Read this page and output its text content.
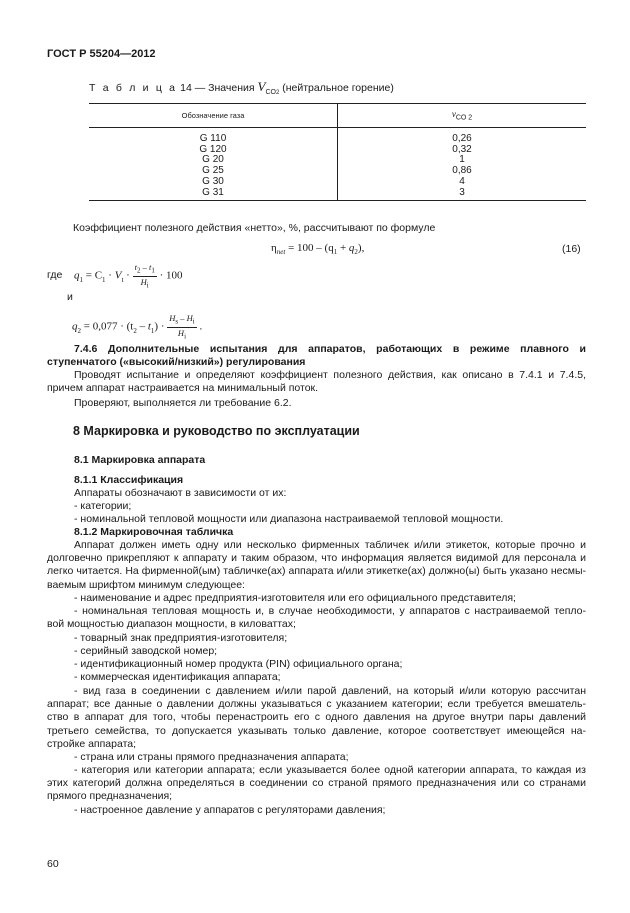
ГОСТ Р 55204—2012
Т а б л и ц а 14 — Значения $V_{CO2}$ (нейтральное горение)
Обозначение газа	$v_{CO 2}$
G 110	0,26
G 120	0,32
G 20	1
G 25	0,86
G 30	4
G 31	3
Коэффициент полезного действия «нетто», %, рассчитывают по формуле
$\eta_{net} = 100 - (q_1 + q_2)$,	(16)
где $q_1 = C_1 \cdot V_t \cdot \frac{t_2 - t_1}{H_i} \cdot 100$
и
$q_2 = 0,077 \cdot (t_2 - t_1) \cdot \frac{H_s - H_i}{H_i}$ .
7.4.6 Дополнительные испытания для аппаратов, работающих в режиме плавного и ступенчатого («высокий/низкий») регулирования
Проводят испытание и определяют коэффициент полезного действия, как описано в 7.4.1 и 7.4.5, причем аппарат настраивается на минимальный поток.
Проверяют, выполняется ли требование 6.2.
8 Маркировка и руководство по эксплуатации
8.1 Маркировка аппарата
8.1.1 Классификация
Аппараты обозначают в зависимости от их:
- категории;
- номинальной тепловой мощности или диапазона настраиваемой тепловой мощности.
8.1.2 Маркировочная табличка
Аппарат должен иметь одну или несколько фирменных табличек и/или этикеток, которые прочно и долговечно прикрепляют к аппарату и таким образом, что информация является видимой для персонала и легко читается. На фирменной(ым) табличке(ах) аппарата и/или этикетке(ах) должно(ы) быть указано несмы- ваемым шрифтом минимум следующее:
- наименование и адрес предприятия-изготовителя или его официального представителя;
- номинальная тепловая мощность и, в случае необходимости, у аппаратов с настраиваемой тепло- вой мощностью диапазон мощности, в киловаттах;
- товарный знак предприятия-изготовителя;
- серийный заводской номер;
- идентификационный номер продукта (PIN) официального органа;
- коммерческая идентификация аппарата;
- вид газа в соединении с давлением и/или парой давлений, на который и/или которую рассчитан аппарат; все данные о давлении должны указываться с указанием категории; если требуется вмешатель- ство в аппарат для того, чтобы перенастроить его с одного давления на другое внутри пары давлений третьего семейства, то допускается указывать только давление, которое соответствует имеющейся на- стройке аппарата;
- страна или страны прямого предназначения аппарата;
- категория или категории аппарата; если указывается более одной категории аппарата, то каждая из этих категорий должна определяться в соединении со страной прямого предназначения или со странами прямого предназначения;
- настроенное давление у аппаратов с регуляторами давления;
60
